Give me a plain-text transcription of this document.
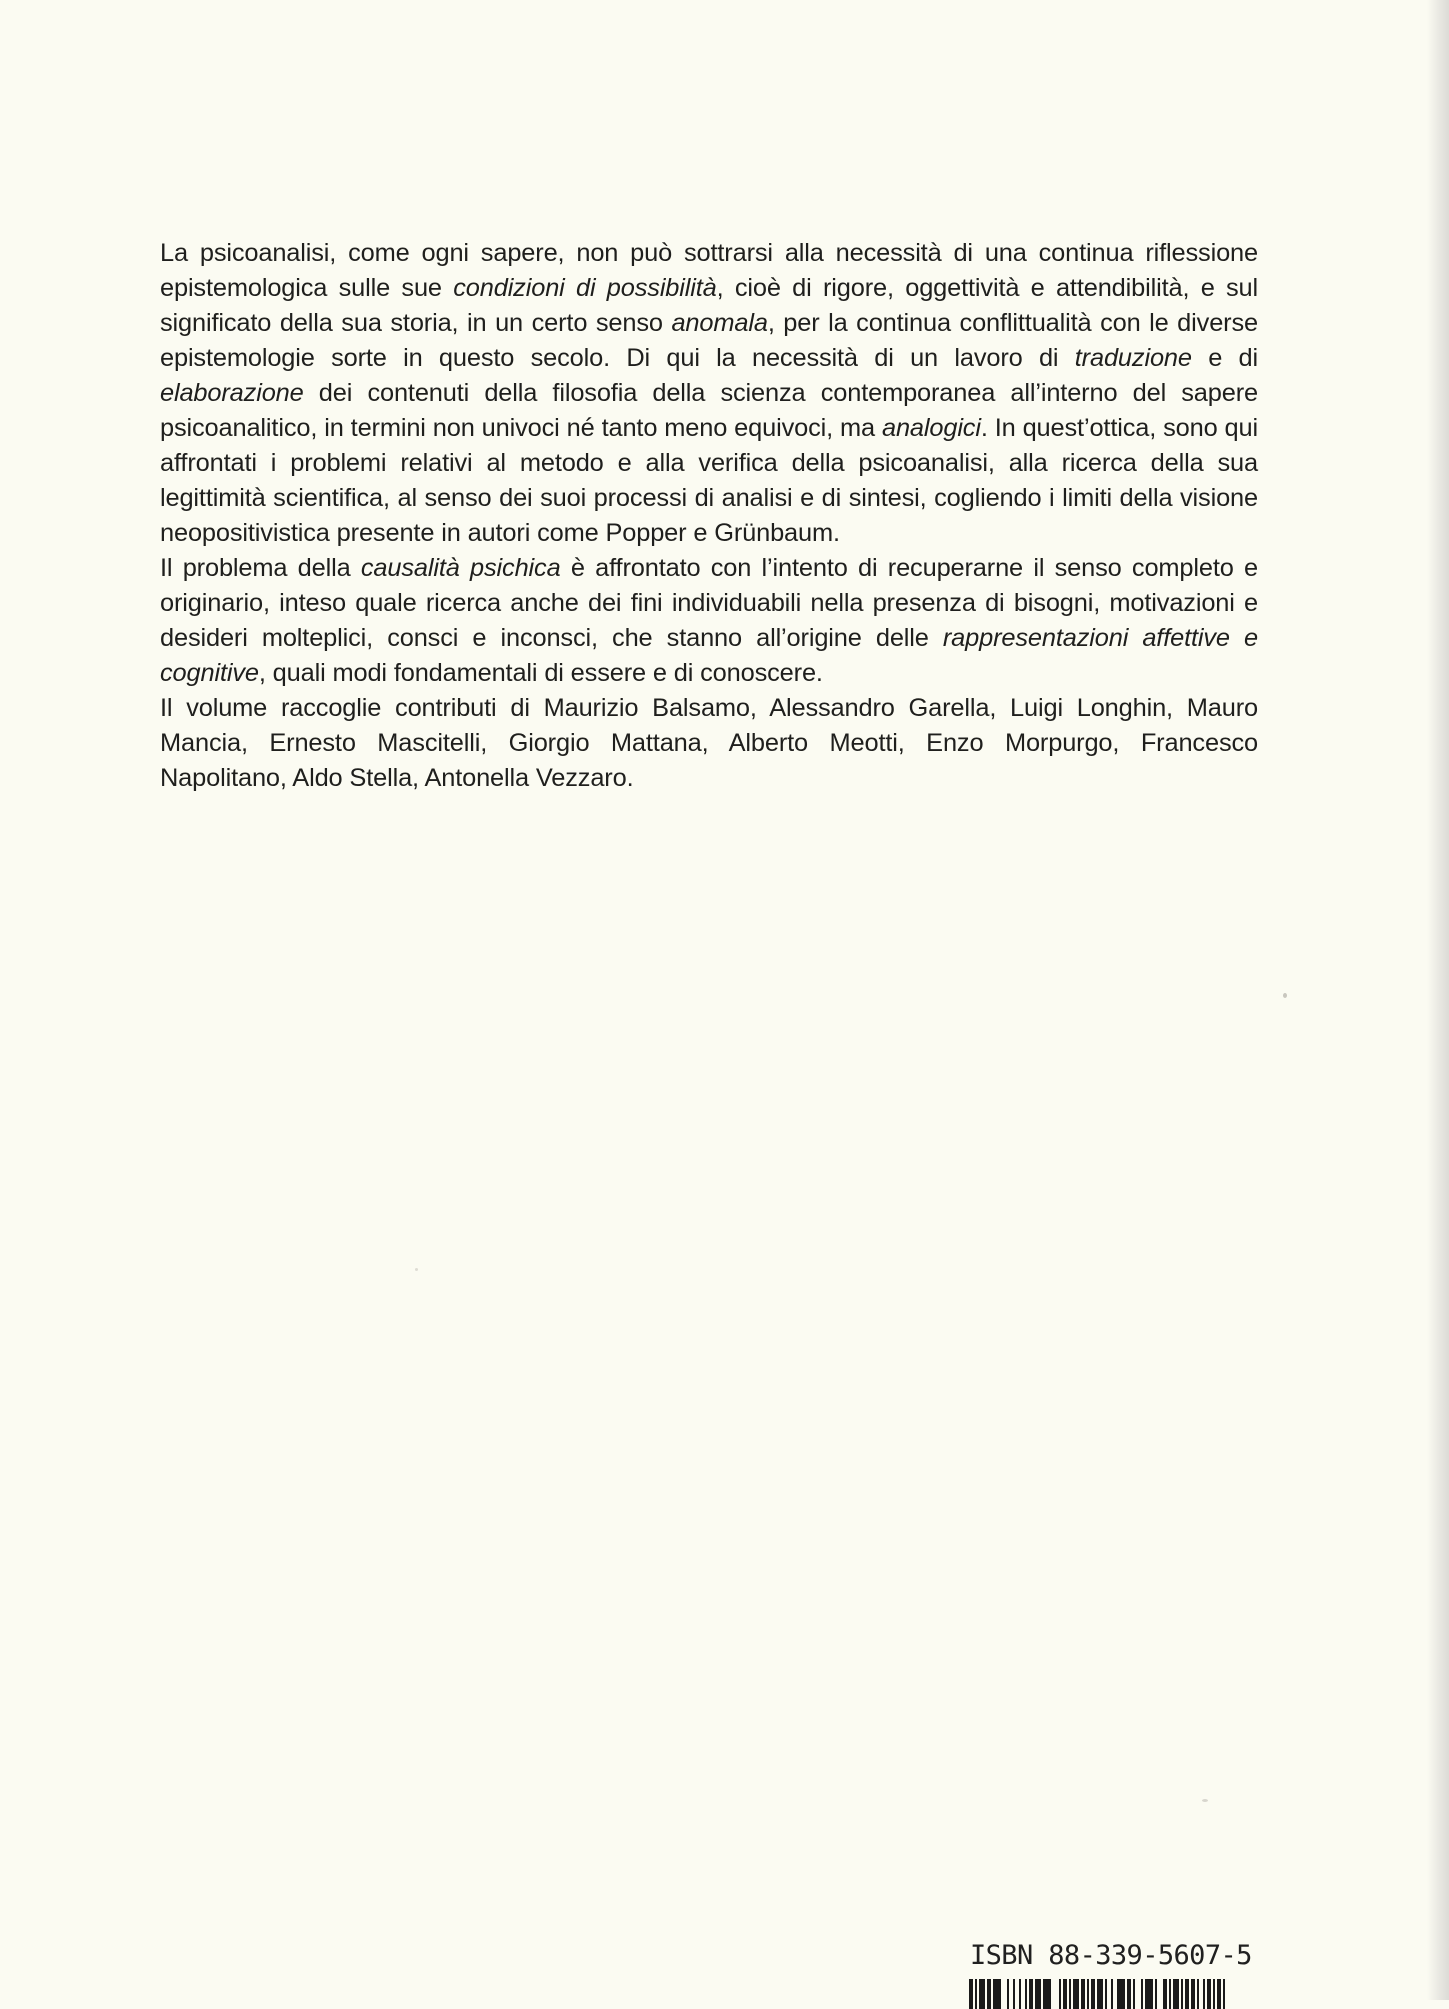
La psicoanalisi, come ogni sapere, non può sottrarsi alla necessità di una continua riflessione epistemologica sulle sue condizioni di possibilità, cioè di rigore, oggettività e attendibilità, e sul significato della sua storia, in un certo senso anomala, per la continua conflittualità con le diverse epistemologie sorte in questo secolo. Di qui la necessità di un lavoro di traduzione e di elaborazione dei contenuti della filosofia della scienza contemporanea all’interno del sapere psicoanalitico, in termini non univoci né tanto meno equivoci, ma analogici. In quest’ottica, sono qui affrontati i problemi relativi al metodo e alla verifica della psicoanalisi, alla ricerca della sua legittimità scientifica, al senso dei suoi processi di analisi e di sintesi, cogliendo i limiti della visione neopositivistica presente in autori come Popper e Grünbaum.

Il problema della causalità psichica è affrontato con l’intento di recuperarne il senso completo e originario, inteso quale ricerca anche dei fini individuabili nella presenza di bisogni, motivazioni e desideri molteplici, consci e inconsci, che stanno all’origine delle rappresentazioni affettive e cognitive, quali modi fondamentali di essere e di conoscere.

Il volume raccoglie contributi di Maurizio Balsamo, Alessandro Garella, Luigi Longhin, Mauro Mancia, Ernesto Mascitelli, Giorgio Mattana, Alberto Meotti, Enzo Morpurgo, Francesco Napolitano, Aldo Stella, Antonella Vezzaro.

ISBN 88-339-5607-5
